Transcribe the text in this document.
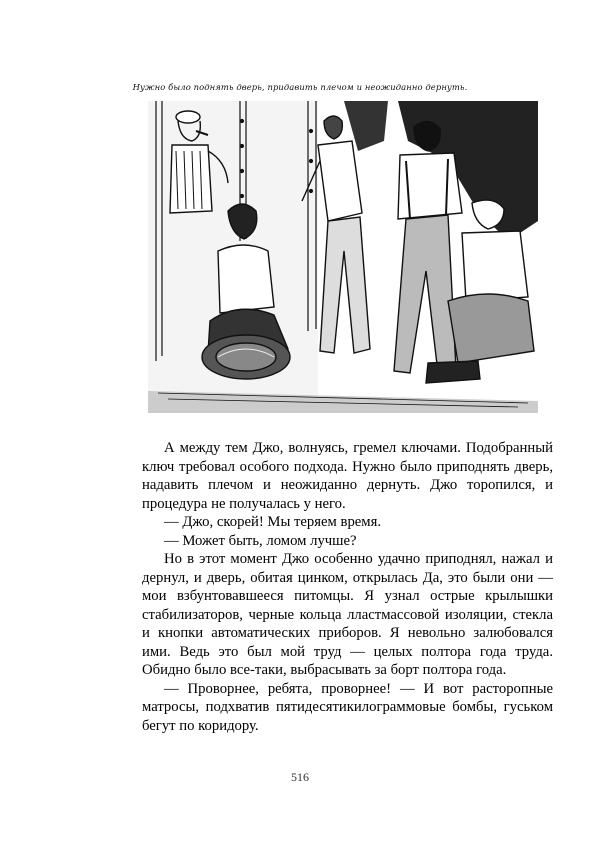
Нужно было поднять дверь, придавить плечом и неожиданно дернуть.

А между тем Джо, волнуясь, гремел ключами. Подобранный ключ требовал особого подхода. Нужно было приподнять дверь, надавить плечом и неожиданно дернуть. Джо торопился, и процедура не получалась у него.

— Джо, скорей! Мы теряем время.

— Может быть, ломом лучше?

Но в этот момент Джо особенно удачно приподнял, нажал и дернул, и дверь, обитая цинком, открылась Да, это были они — мои взбунтовавшееся питомцы. Я узнал острые крылышки стабилизаторов, черные кольца лластмассовой изоляции, стекла и кнопки автоматических приборов. Я невольно залюбовался ими. Ведь это был мой труд — целых полтора года труда. Обидно было все-таки, выбрасывать за борт полтора года.

— Проворнее, ребята, проворнее! — И вот расторопные матросы, подхватив пятидесятикилограммовые бомбы, гуськом бегут по коридору.

516
